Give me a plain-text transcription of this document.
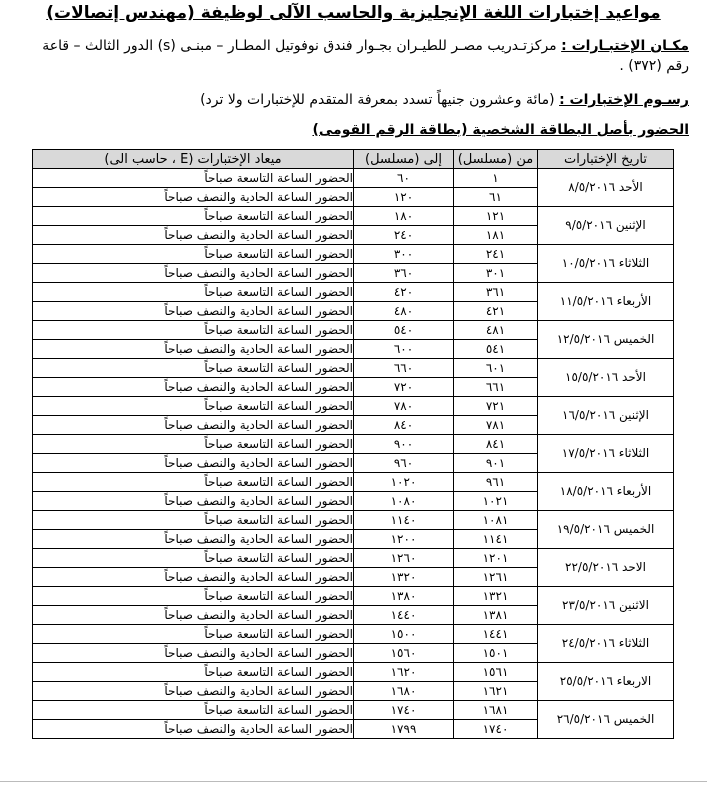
مواعيد إختبارات اللغة الإنجليزية والحاسب الآلى لوظيفة (مهندس إتصالات)
مكـان الإختبـارات : مركزتـدريب مصـر للطيـران بجـوار فندق نوفوتيل المطـار – مبنـى (s) الدور الثالث – قاعة رقم (٣٧٢) .
رسـوم الإختبارات : (مائة وعشرون جنيهاً تسدد بمعرفة المتقدم للإختبارات ولا ترد)
الحضور بأصل البطاقة الشخصية (بطاقة الرقم القومى)
تاريخ الإختبارات	من (مسلسل)	إلى (مسلسل)	ميعاد الإختبارات (E ، حاسب الى)
الأحد ٨/٥/٢٠١٦	١	٦٠	الحضور الساعة التاسعة صباحاً
	٦١	١٢٠	الحضور الساعة الحادية والنصف صباحاً
الإثنين ٩/٥/٢٠١٦	١٢١	١٨٠	الحضور الساعة التاسعة صباحاً
	١٨١	٢٤٠	الحضور الساعة الحادية والنصف صباحاً
الثلاثاء ١٠/٥/٢٠١٦	٢٤١	٣٠٠	الحضور الساعة التاسعة صباحاً
	٣٠١	٣٦٠	الحضور الساعة الحادية والنصف صباحاً
الأربعاء ١١/٥/٢٠١٦	٣٦١	٤٢٠	الحضور الساعة التاسعة صباحاً
	٤٢١	٤٨٠	الحضور الساعة الحادية والنصف صباحاً
الخميس ١٢/٥/٢٠١٦	٤٨١	٥٤٠	الحضور الساعة التاسعة صباحاً
	٥٤١	٦٠٠	الحضور الساعة الحادية والنصف صباحاً
الأحد ١٥/٥/٢٠١٦	٦٠١	٦٦٠	الحضور الساعة التاسعة صباحاً
	٦٦١	٧٢٠	الحضور الساعة الحادية والنصف صباحاً
الإثنين ١٦/٥/٢٠١٦	٧٢١	٧٨٠	الحضور الساعة التاسعة صباحاً
	٧٨١	٨٤٠	الحضور الساعة الحادية والنصف صباحاً
الثلاثاء ١٧/٥/٢٠١٦	٨٤١	٩٠٠	الحضور الساعة التاسعة صباحاً
	٩٠١	٩٦٠	الحضور الساعة الحادية والنصف صباحاً
الأربعاء ١٨/٥/٢٠١٦	٩٦١	١٠٢٠	الحضور الساعة التاسعة صباحاً
	١٠٢١	١٠٨٠	الحضور الساعة الحادية والنصف صباحاً
الخميس ١٩/٥/٢٠١٦	١٠٨١	١١٤٠	الحضور الساعة التاسعة صباحاً
	١١٤١	١٢٠٠	الحضور الساعة الحادية والنصف صباحاً
الاحد ٢٢/٥/٢٠١٦	١٢٠١	١٢٦٠	الحضور الساعة التاسعة صباحاً
	١٢٦١	١٣٢٠	الحضور الساعة الحادية والنصف صباحاً
الاثنين ٢٣/٥/٢٠١٦	١٣٢١	١٣٨٠	الحضور الساعة التاسعة صباحاً
	١٣٨١	١٤٤٠	الحضور الساعة الحادية والنصف صباحاً
الثلاثاء ٢٤/٥/٢٠١٦	١٤٤١	١٥٠٠	الحضور الساعة التاسعة صباحاً
	١٥٠١	١٥٦٠	الحضور الساعة الحادية والنصف صباحاً
الاربعاء ٢٥/٥/٢٠١٦	١٥٦١	١٦٢٠	الحضور الساعة التاسعة صباحاً
	١٦٢١	١٦٨٠	الحضور الساعة الحادية والنصف صباحاً
الخميس ٢٦/٥/٢٠١٦	١٦٨١	١٧٤٠	الحضور الساعة التاسعة صباحاً
	١٧٤٠	١٧٩٩	الحضور الساعة الحادية والنصف صباحاً
